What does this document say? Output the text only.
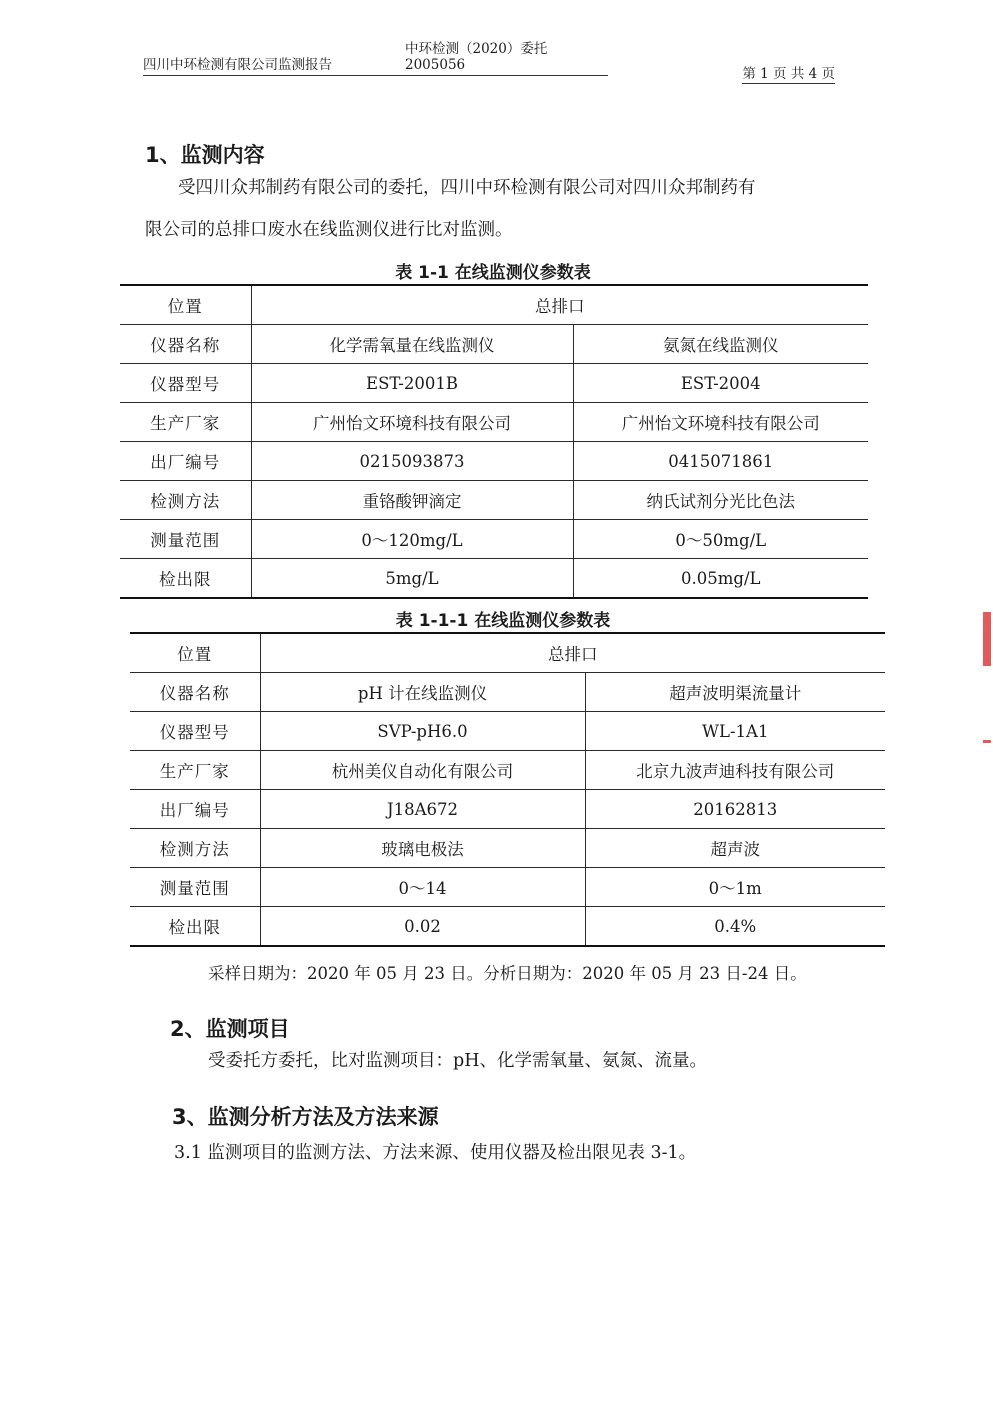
四川中环检测有限公司监测报告
中环检测（2020）委托 2005056
第 1 页 共 4 页
1、监测内容
受四川众邦制药有限公司的委托，四川中环检测有限公司对四川众邦制药有
限公司的总排口废水在线监测仪进行比对监测。
表 1-1 在线监测仪参数表
位置	总排口	
仪器名称	化学需氧量在线监测仪	氨氮在线监测仪
仪器型号	EST-2001B	EST-2004
生产厂家	广州怡文环境科技有限公司	广州怡文环境科技有限公司
出厂编号	0215093873	0415071861
检测方法	重铬酸钾滴定	纳氏试剂分光比色法
测量范围	0～120mg/L	0～50mg/L
检出限	5mg/L	0.05mg/L
表 1-1-1 在线监测仪参数表
位置	总排口	
仪器名称	pH 计在线监测仪	超声波明渠流量计
仪器型号	SVP-pH6.0	WL-1A1
生产厂家	杭州美仪自动化有限公司	北京九波声迪科技有限公司
出厂编号	J18A672	20162813
检测方法	玻璃电极法	超声波
测量范围	0～14	0～1m
检出限	0.02	0.4%
采样日期为：2020 年 05 月 23 日。分析日期为：2020 年 05 月 23 日-24 日。
2、监测项目
受委托方委托，比对监测项目：pH、化学需氧量、氨氮、流量。
3、监测分析方法及方法来源
3.1 监测项目的监测方法、方法来源、使用仪器及检出限见表 3-1。
